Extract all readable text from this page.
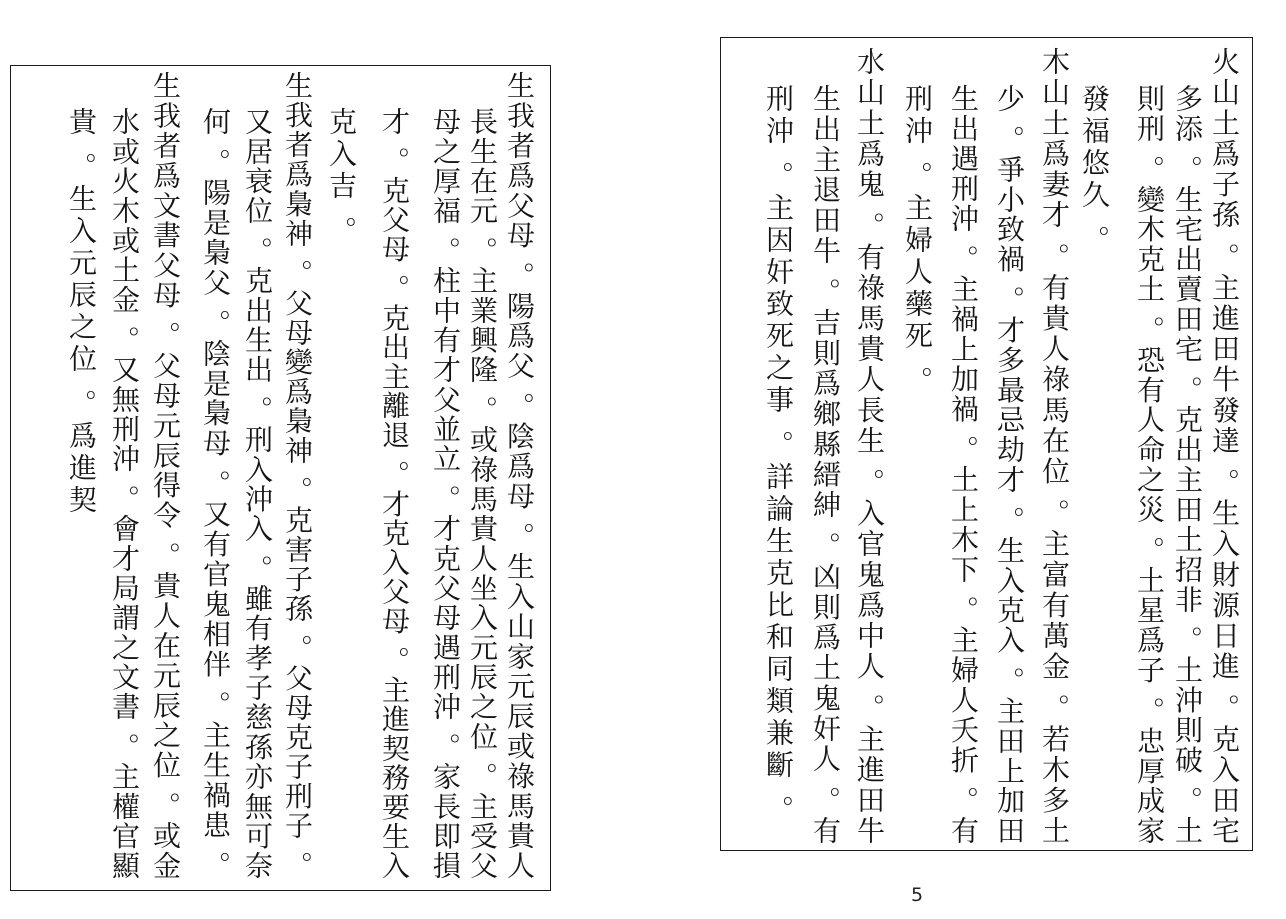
生我者爲父母 。陽爲父 。陰爲母 。生入山家元辰或祿馬貴人
長生在元 。主業興隆 。或祿馬貴人坐入元辰之位 。主受父
母之厚福 。柱中有才父並立 。才克父母遇刑沖 。家長即損
才 。克父母 。克出主離退 。才克入父母 。主進契務要生入
克入吉 。
生我者爲梟神 。父母變爲梟神 。克害子孫 。父母克子刑子 。
又居衰位 。克出生出 。刑入沖入 。雖有孝子慈孫亦無可奈
何 。陽是梟父 。陰是梟母 。又有官鬼相伴 。主生禍患 。
生我者爲文書父母 。父母元辰得令 。貴人在元辰之位 。或金
水或火木或土金 。又無刑沖 。會才局謂之文書 。主權官顯
貴 。生入元辰之位 。爲進契	火山土爲子孫 。主進田牛發達 。生入財源日進 。克入田宅
多添 。生宅出賣田宅 。克出主田土招非 。土沖則破 。土
則刑 。變木克土 。恐有人命之災 。土星爲子 。忠厚成家
發福悠久 。
木山土爲妻才 。有貴人祿馬在位 。主富有萬金 。若木多土
少 。爭小致禍 。才多最忌劫才 。生入克入 。主田上加田
生出遇刑沖 。主禍上加禍 。土上木下 。主婦人夭折 。有
刑沖 。主婦人藥死 。
水山土爲鬼 。有祿馬貴人長生 。入官鬼爲中人 。主進田牛
生出主退田牛 。吉則爲鄉縣縉紳 。凶則爲土鬼奸人 。有
刑沖 。主因奸致死之事 。詳論生克比和同類兼斷 。
5
